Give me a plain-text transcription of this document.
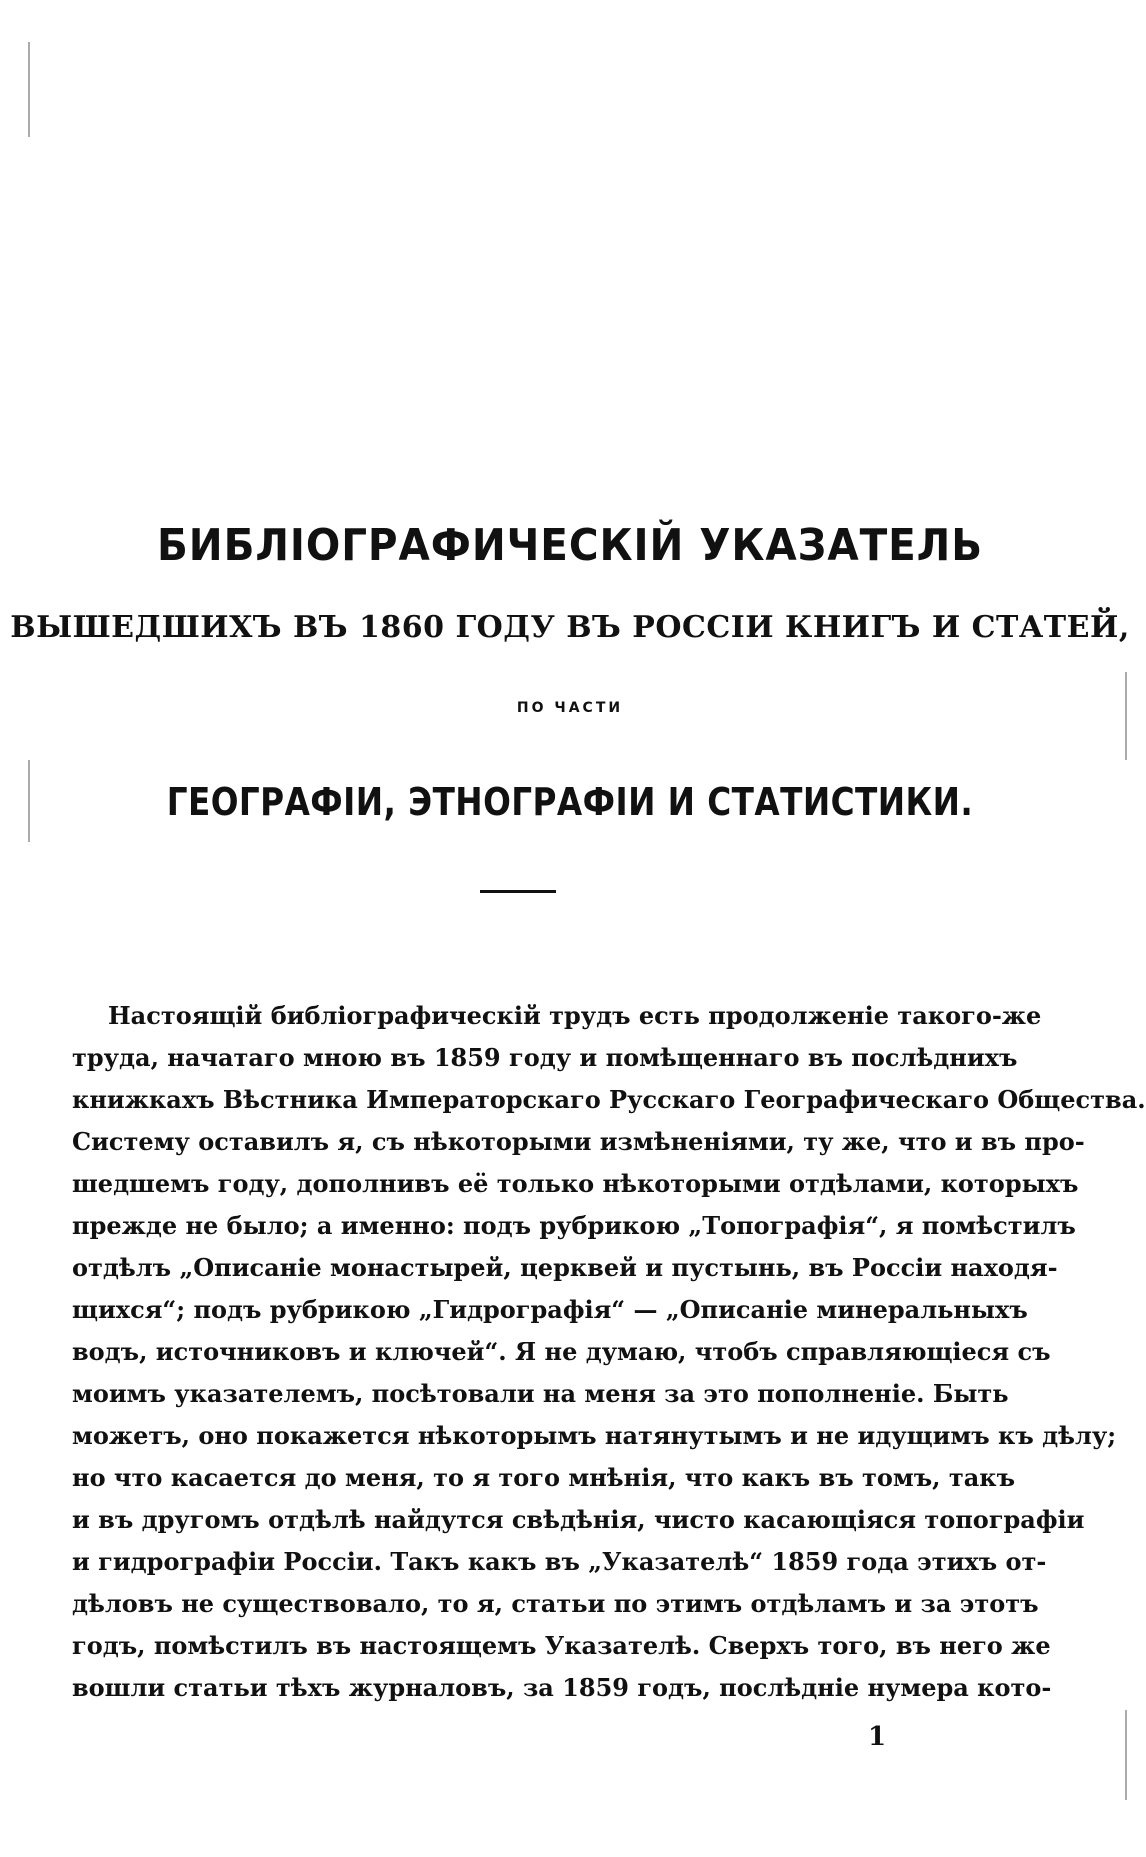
БИБЛIОГРАФИЧЕСКIЙ УКАЗАТЕЛЬ
ВЫШЕДШИХЪ ВЪ 1860 ГОДУ ВЪ РОССIИ КНИГЪ И СТАТЕЙ,
ПО ЧАСТИ
ГЕОГРАФIИ, ЭТНОГРАФIИ И СТАТИСТИКИ.
Настоящiй библiографическiй трудъ есть продолженiе такого-же
труда, начатаго мною въ 1859 году и помѣщеннаго въ послѣднихъ
книжкахъ Вѣстника Императорскаго Русскаго Географическаго Общества.
Систему оставилъ я, съ нѣкоторыми измѣненiями, ту же, что и въ про-
шедшемъ году, дополнивъ её только нѣкоторыми отдѣлами, которыхъ
прежде не было; а именно: подъ рубрикою „Топографiя“, я помѣстилъ
отдѣлъ „Описанiе монастырей, церквей и пустынь, въ Россiи находя-
щихся“; подъ рубрикою „Гидрографiя“ — „Описанiе минеральныхъ
водъ, источниковъ и ключей“. Я не думаю, чтобъ справляющiеся съ
моимъ указателемъ, посѣтовали на меня за это пополненiе. Быть
можетъ, оно покажется нѣкоторымъ натянутымъ и не идущимъ къ дѣлу;
но что касается до меня, то я того мнѣнiя, что какъ въ томъ, такъ
и въ другомъ отдѣлѣ найдутся свѣдѣнiя, чисто касающiяся топографiи
и гидрографiи Россiи. Такъ какъ въ „Указателѣ“ 1859 года этихъ от-
дѣловъ не существовало, то я, статьи по этимъ отдѣламъ и за этотъ
годъ, помѣстилъ въ настоящемъ Указателѣ. Сверхъ того, въ него же
вошли статьи тѣхъ журналовъ, за 1859 годъ, послѣднiе нумера кото-
1
